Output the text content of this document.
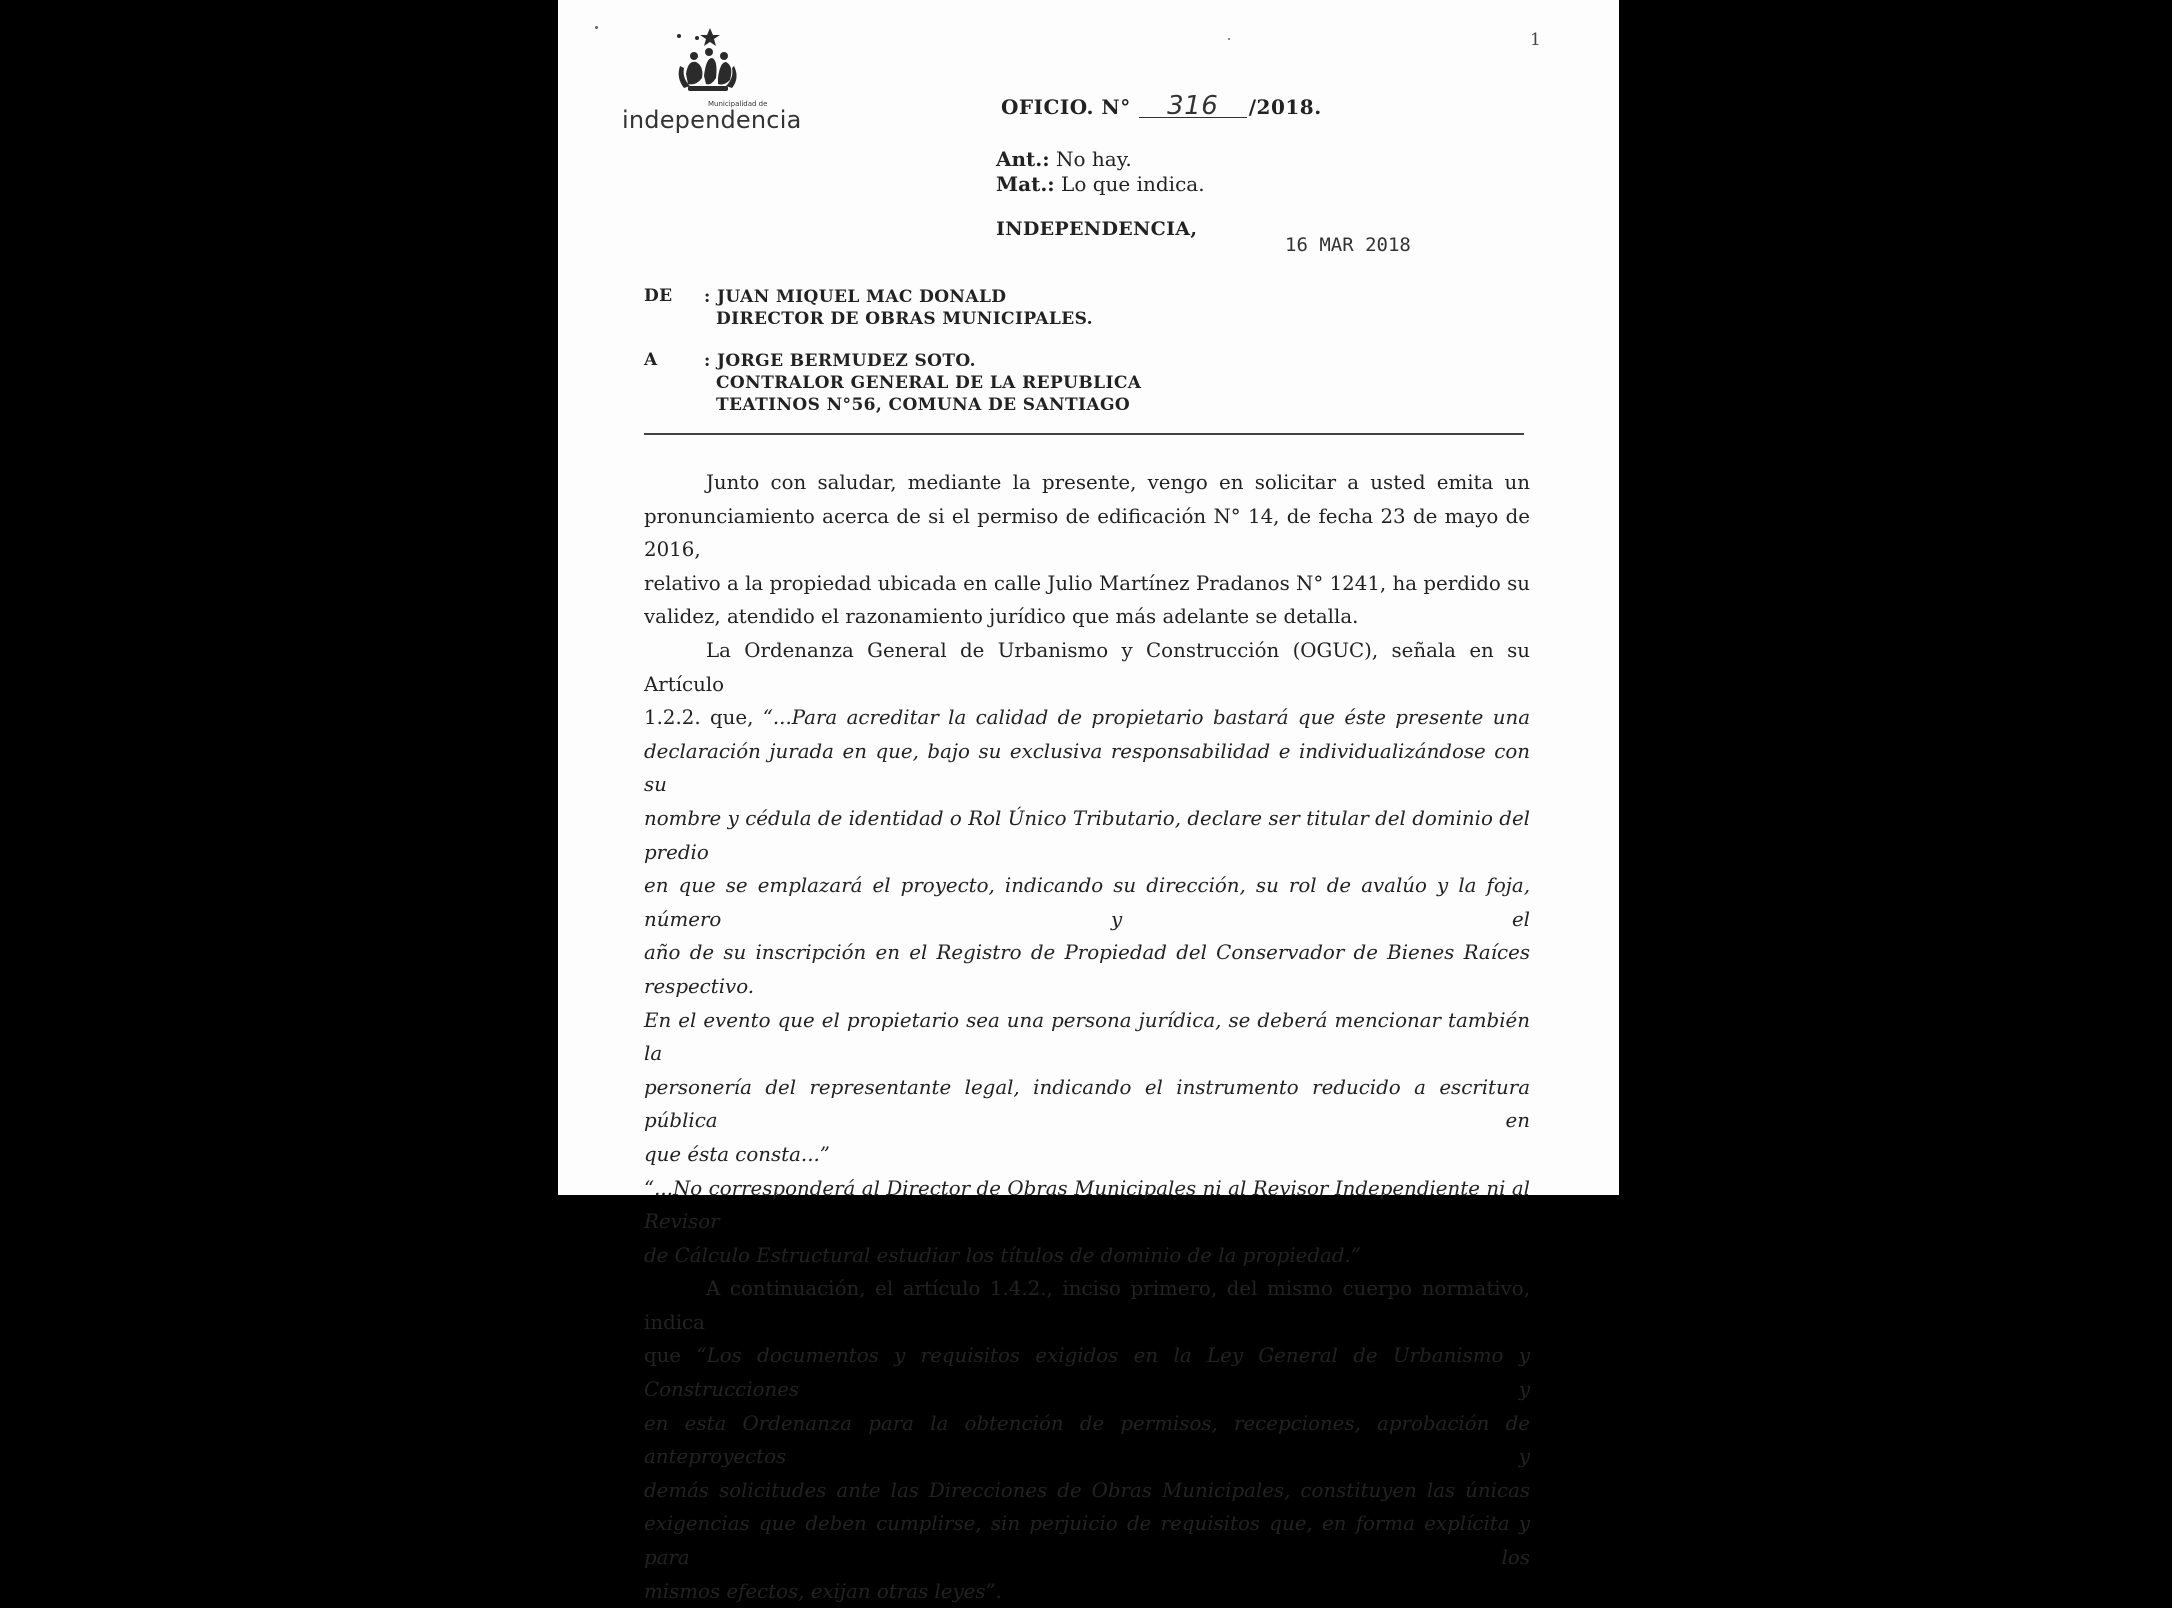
1
Municipalidad de
independencia	OFICIO. N° 316 /2018.
Ant.: No hay.
Mat.: Lo que indica.
INDEPENDENCIA,
16 MAR 2018
DE : JUAN MIQUEL MAC DONALD
DIRECTOR DE OBRAS MUNICIPALES.
A	: JORGE BERMUDEZ SOTO.
CONTRALOR GENERAL DE LA REPUBLICA
TEATINOS N°56, COMUNA DE SANTIAGO

Junto con saludar, mediante la presente, vengo en solicitar a usted emita un

pronunciamiento acerca de si el permiso de edificación N° 14, de fecha 23 de mayo de 2016,

relativo a la propiedad ubicada en calle Julio Martínez Pradanos N° 1241, ha perdido su

validez, atendido el razonamiento jurídico que más adelante se detalla.

La Ordenanza General de Urbanismo y Construcción (OGUC), señala en su Artículo

1.2.2. que, “...Para acreditar la calidad de propietario bastará que éste presente una

declaración jurada en que, bajo su exclusiva responsabilidad e individualizándose con su

nombre y cédula de identidad o Rol Único Tributario, declare ser titular del dominio del predio

en que se emplazará el proyecto, indicando su dirección, su rol de avalúo y la foja, número y el

año de su inscripción en el Registro de Propiedad del Conservador de Bienes Raíces respectivo.

En el evento que el propietario sea una persona jurídica, se deberá mencionar también la

personería del representante legal, indicando el instrumento reducido a escritura pública en

que ésta consta...”

“...No corresponderá al Director de Obras Municipales ni al Revisor Independiente ni al Revisor

de Cálculo Estructural estudiar los títulos de dominio de la propiedad.”

A continuación, el artículo 1.4.2., inciso primero, del mismo cuerpo normativo, indica

que “Los documentos y requisitos exigidos en la Ley General de Urbanismo y Construcciones y

en esta Ordenanza para la obtención de permisos, recepciones, aprobación de anteproyectos y

demás solicitudes ante las Direcciones de Obras Municipales, constituyen las únicas

exigencias que deben cumplirse, sin perjuicio de requisitos que, en forma explícita y para los

mismos efectos, exijan otras leyes”.
